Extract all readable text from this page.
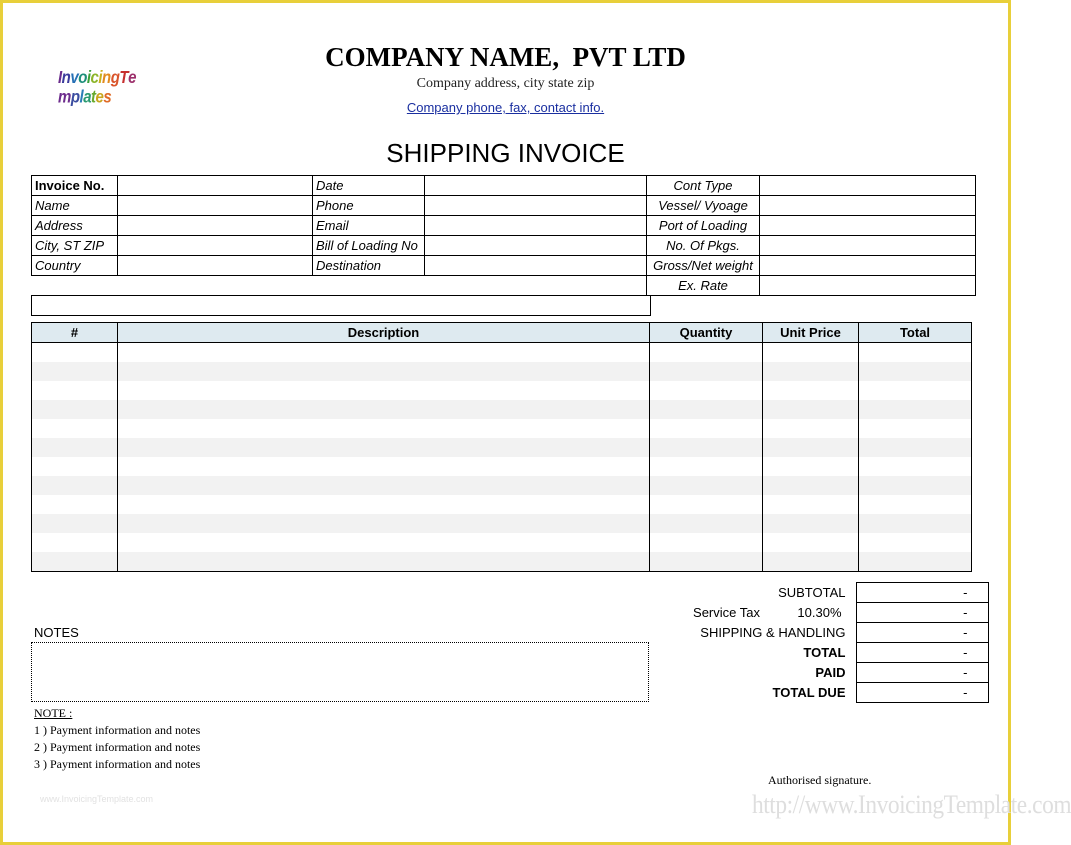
InvoicingTemplates
COMPANY NAME,  PVT LTD
Company address, city state zip
Company phone, fax, contact info.
SHIPPING INVOICE
Invoice No.		Date		Cont Type	
Name		Phone		Vessel/ Vyoage	
Address		Email		Port of Loading	
City, ST ZIP		Bill of Loading No		No. Of Pkgs.	
Country		Destination		Gross/Net weight	
				Ex. Rate	
#	Description	Quantity	Unit Price	Total

SUBTOTAL		-
Service Tax	10.30%	-
SHIPPING & HANDLING		-
TOTAL		-
PAID		-
TOTAL DUE		-
NOTES
NOTE :
1 ) Payment information and notes
2 ) Payment information and notes
3 ) Payment information and notes
Authorised signature.
www.InvoicingTemplate.com	http://www.InvoicingTemplate.com
